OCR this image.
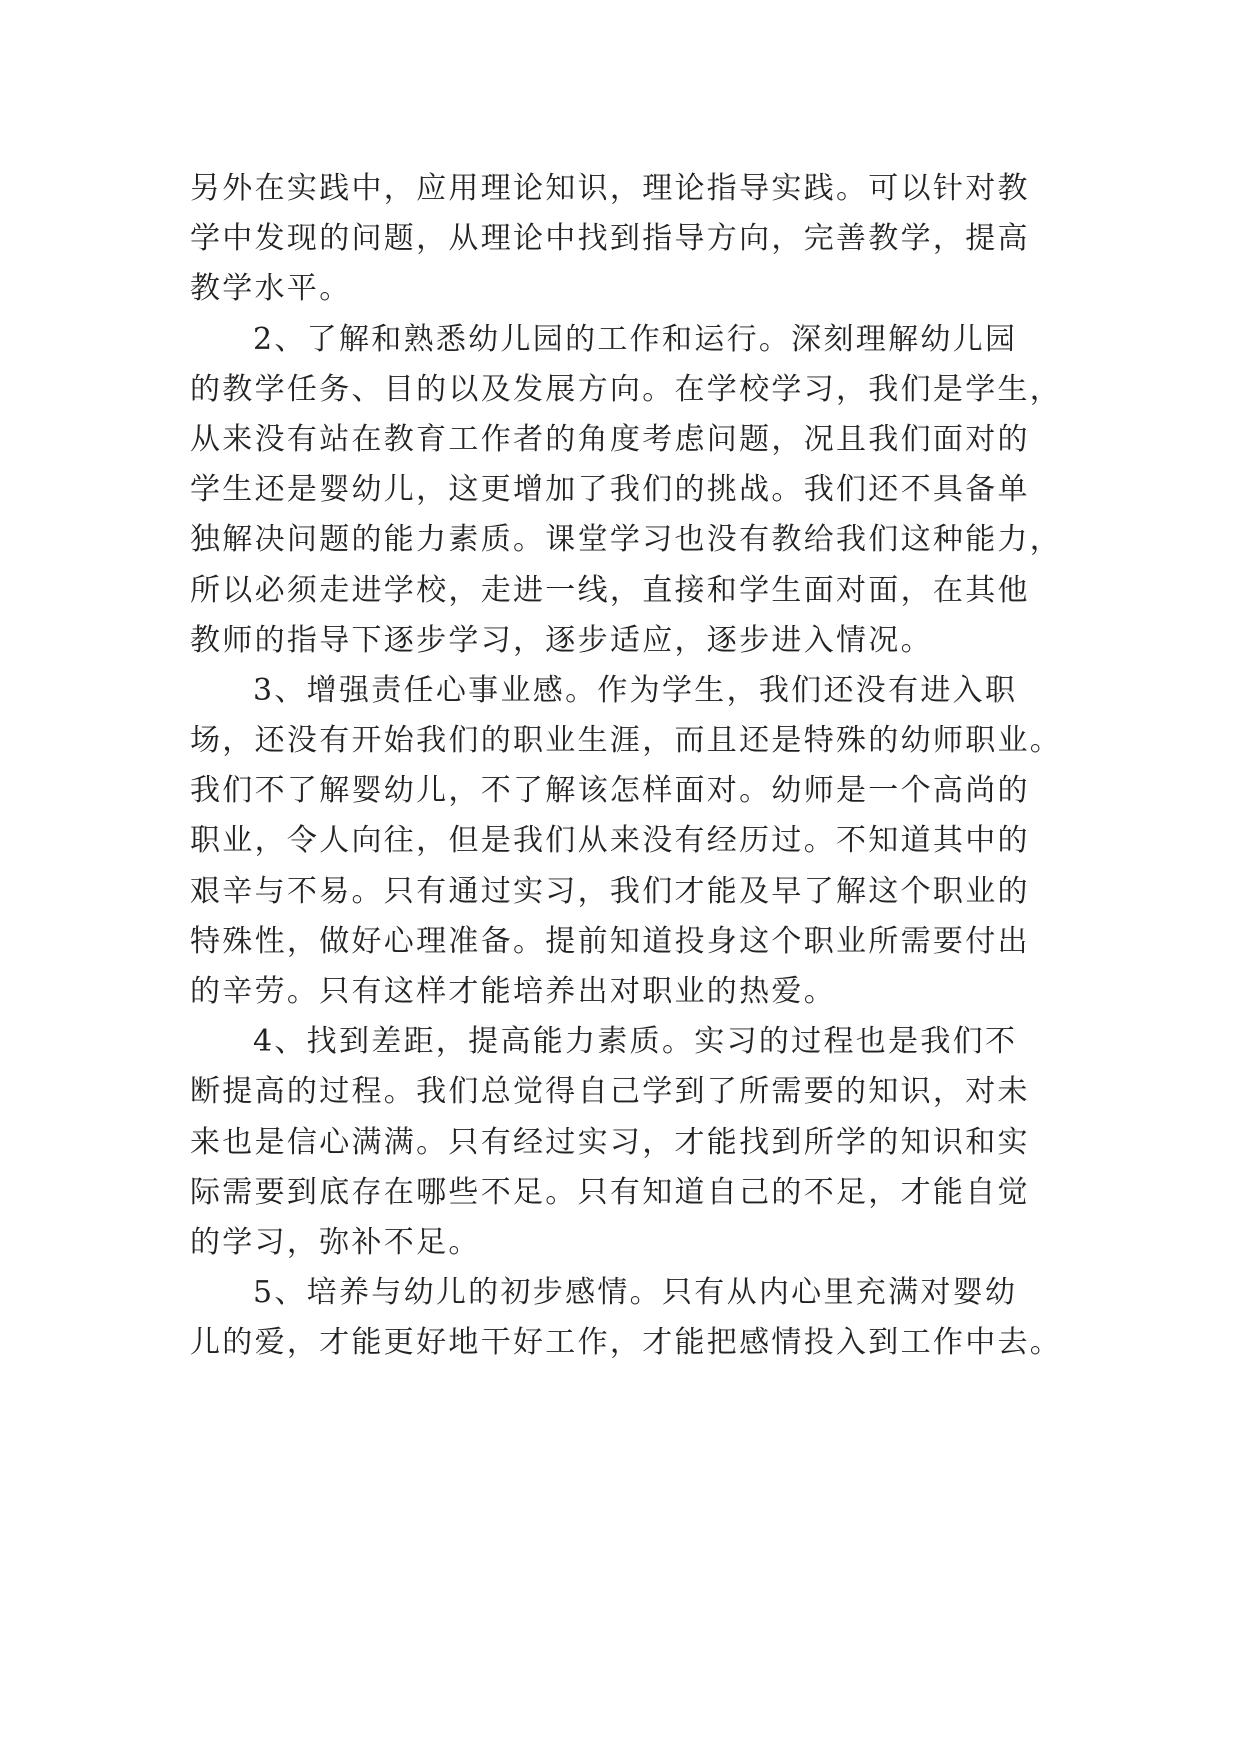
另外在实践中，应用理论知识，理论指导实践。可以针对教
学中发现的问题，从理论中找到指导方向，完善教学，提高
教学水平。
2、了解和熟悉幼儿园的工作和运行。深刻理解幼儿园
的教学任务、目的以及发展方向。在学校学习，我们是学生，
从来没有站在教育工作者的角度考虑问题，况且我们面对的
学生还是婴幼儿，这更增加了我们的挑战。我们还不具备单
独解决问题的能力素质。课堂学习也没有教给我们这种能力，
所以必须走进学校，走进一线，直接和学生面对面，在其他
教师的指导下逐步学习，逐步适应，逐步进入情况。
3、增强责任心事业感。作为学生，我们还没有进入职
场，还没有开始我们的职业生涯，而且还是特殊的幼师职业。
我们不了解婴幼儿，不了解该怎样面对。幼师是一个高尚的
职业，令人向往，但是我们从来没有经历过。不知道其中的
艰辛与不易。只有通过实习，我们才能及早了解这个职业的
特殊性，做好心理准备。提前知道投身这个职业所需要付出
的辛劳。只有这样才能培养出对职业的热爱。
4、找到差距，提高能力素质。实习的过程也是我们不
断提高的过程。我们总觉得自己学到了所需要的知识，对未
来也是信心满满。只有经过实习，才能找到所学的知识和实
际需要到底存在哪些不足。只有知道自己的不足，才能自觉
的学习，弥补不足。
5、培养与幼儿的初步感情。只有从内心里充满对婴幼
儿的爱，才能更好地干好工作，才能把感情投入到工作中去。
